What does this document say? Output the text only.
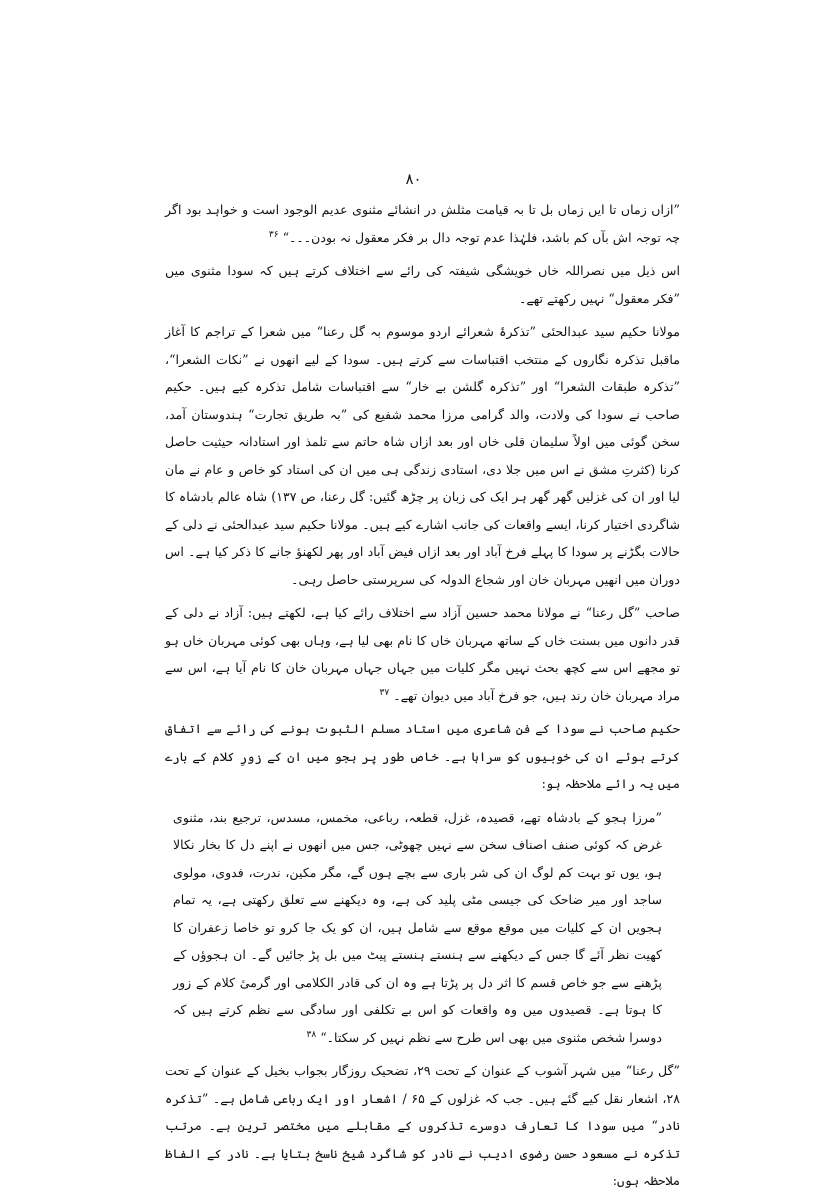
۸۰

”ازاں زماں تا ایں زماں بل تا بہ قیامت مثلش در انشائے مثنوی عدیم الوجود است و خواہد بود اگر چہ توجہ اش بآں کم باشد، فلہٰذا عدم توجہ دال بر فکر معقول نہ بودن۔۔۔“ $^{۳۶}$

اس ذیل میں نصراللہ خاں خویشگی شیفتہ کی رائے سے اختلاف کرتے ہیں کہ سودا مثنوی میں ”فکر معقول“ نہیں رکھتے تھے۔

مولانا حکیم سید عبدالحئی ”تذکرۂ شعرائے اردو موسوم بہ گل رعنا“ میں شعرا کے تراجم کا آغاز ماقبل تذکرہ نگاروں کے منتخب اقتباسات سے کرتے ہیں۔ سودا کے لیے انھوں نے ”نکات الشعرا“، ”تذکرہ طبقات الشعرا“ اور ”تذکرہ گلشن بے خار“ سے اقتباسات شامل تذکرہ کیے ہیں۔ حکیم صاحب نے سودا کی ولادت، والد گرامی مرزا محمد شفیع کی ”بہ طریق تجارت“ ہندوستان آمد، سخن گوئی میں اولاً سلیمان قلی خاں اور بعد ازاں شاہ حاتم سے تلمذ اور استادانہ حیثیت حاصل کرنا (کثرتِ مشق نے اس میں جلا دی، استادی زندگی ہی میں ان کی استاد کو خاص و عام نے مان لیا اور ان کی غزلیں گھر گھر ہر ایک کی زبان پر چڑھ گئیں: گل رعنا، ص ۱۳۷) شاہ عالم بادشاہ کا شاگردی اختیار کرنا، ایسے واقعات کی جانب اشارے کیے ہیں۔ مولانا حکیم سید عبدالحئی نے دلی کے حالات بگڑنے پر سودا کا پہلے فرخ آباد اور بعد ازاں فیض آباد اور پھر لکھنؤ جانے کا ذکر کیا ہے۔ اس دوران میں انھیں مہربان خان اور شجاع الدولہ کی سرپرستی حاصل رہی۔

صاحب ”گل رعنا“ نے مولانا محمد حسین آزاد سے اختلاف رائے کیا ہے، لکھتے ہیں: آزاد نے دلی کے قدر دانوں میں بسنت خاں کے ساتھ مہربان خاں کا نام بھی لیا ہے، وہاں بھی کوئی مہربان خاں ہو تو مجھے اس سے کچھ بحث نہیں مگر کلیات میں جہاں جہاں مہربان خان کا نام آیا ہے، اس سے مراد مہربان خان رند ہیں، جو فرخ آباد میں دیوان تھے۔ $^{۳۷}$

حکیم صاحب نے سودا کے فن شاعری میں استاد مسلم الثبوت ہونے کی رائے سے اتفاق کرتے ہوئے ان کی خوبیوں کو سراہا ہے۔ خاص طور پر ہجو میں ان کے زورِ کلام کے بارے میں یہ رائے ملاحظہ ہو:

”مرزا ہجو کے بادشاہ تھے، قصیدہ، غزل، قطعہ، رباعی، مخمس، مسدس، ترجیع بند، مثنوی غرض کہ کوئی صنف اصناف سخن سے نہیں چھوٹی، جس میں انھوں نے اپنے دل کا بخار نکالا ہو، یوں تو بہت کم لوگ ان کی شر باری سے بچے ہوں گے، مگر مکین، ندرت، فدوی، مولوی ساجد اور میر ضاحک کی جیسی مٹی پلید کی ہے، وہ دیکھنے سے تعلق رکھتی ہے، یہ تمام ہجویں ان کے کلیات میں موقع موقع سے شامل ہیں، ان کو یک جا کرو تو خاصا زعفران کا کھیت نظر آئے گا جس کے دیکھنے سے ہنستے ہنستے پیٹ میں بل پڑ جائیں گے۔ ان ہجوؤں کے پڑھنے سے جو خاص قسم کا اثر دل پر پڑتا ہے وہ ان کی قادر الکلامی اور گرمیٔ کلام کے زور کا ہوتا ہے۔ قصیدوں میں وہ واقعات کو اس بے تکلفی اور سادگی سے نظم کرتے ہیں کہ دوسرا شخص مثنوی میں بھی اس طرح سے نظم نہیں کر سکتا۔“ $^{۳۸}$

”گل رعنا“ میں شہر آشوب کے عنوان کے تحت ۲۹، تضحیک روزگار بجواب بخیل کے عنوان کے تحت ۲۸، اشعار نقل کیے گئے ہیں۔ جب کہ غزلوں کے ۶۵ / اشعار اور ایک رباعی شامل ہے۔ ”تذکرہ نادر“ میں سودا کا تعارف دوسرے تذکروں کے مقابلے میں مختصر ترین ہے۔ مرتب تذکرہ نے مسعود حسن رضوی ادیب نے نادر کو شاگرد شیخ ناسخ بتایا ہے۔ نادر کے الفاظ ملاحظہ ہوں:
